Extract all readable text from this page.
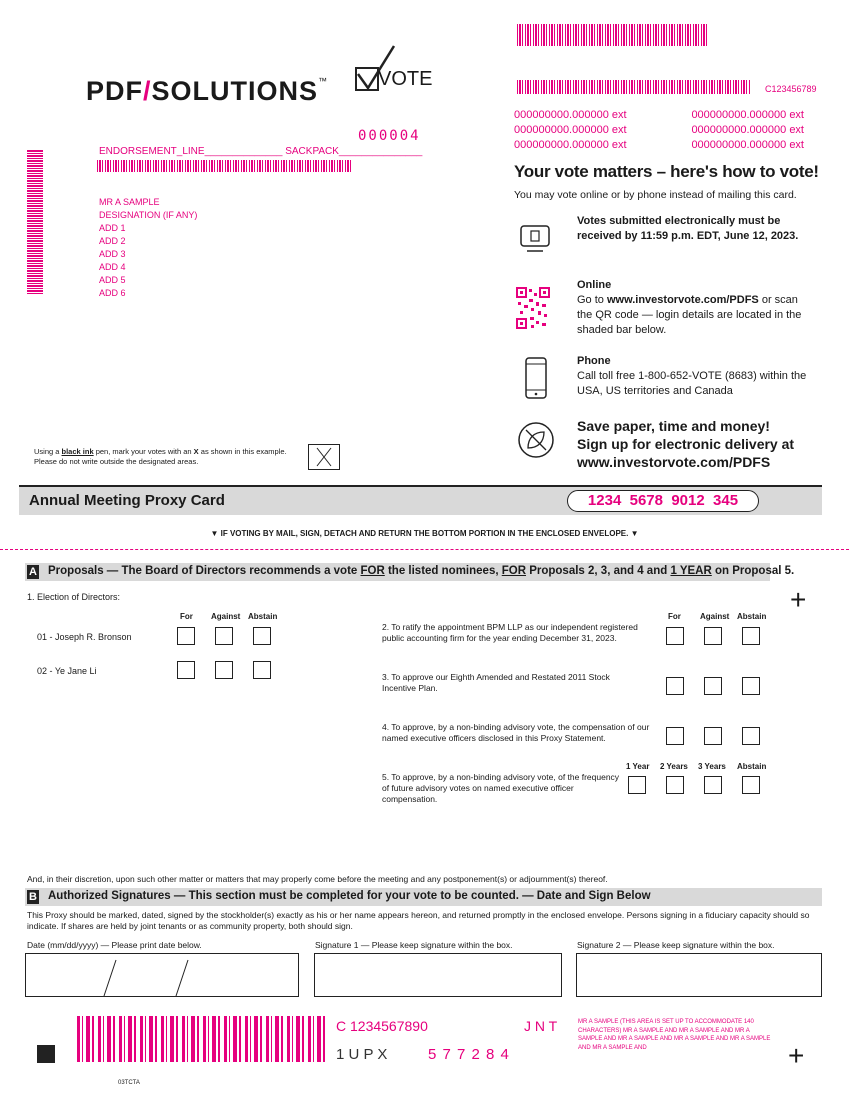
PDF/SOLUTIONS™ VOTE
000004
ENDORSEMENT_LINE______________ SACKPACK_______________
MR A SAMPLE
DESIGNATION (IF ANY)
ADD 1
ADD 2
ADD 3
ADD 4
ADD 5
ADD 6
Using a black ink pen, mark your votes with an X as shown in this example.
Please do not write outside the designated areas.
C123456789
000000000.000000 ext	000000000.000000 ext
000000000.000000 ext	000000000.000000 ext
000000000.000000 ext	000000000.000000 ext
Your vote matters – here's how to vote!
You may vote online or by phone instead of mailing this card.
Votes submitted electronically must be received by 11:59 p.m. EDT, June 12, 2023.
Online
Go to www.investorvote.com/PDFS or scan the QR code — login details are located in the shaded bar below.
Phone
Call toll free 1-800-652-VOTE (8683) within the USA, US territories and Canada
Save paper, time and money!
Sign up for electronic delivery at
www.investorvote.com/PDFS
Annual Meeting Proxy Card	1234  5678  9012  345
▼ IF VOTING BY MAIL, SIGN, DETACH AND RETURN THE BOTTOM PORTION IN THE ENCLOSED ENVELOPE. ▼
A Proposals — The Board of Directors recommends a vote FOR the listed nominees, FOR Proposals 2, 3, and 4 and 1 YEAR on Proposal 5.
+
1. Election of Directors:
For Against Abstain
01 - Joseph R. Bronson
02 - Ye Jane Li
For Against Abstain
2. To ratify the appointment BPM LLP as our independent registered public accounting firm for the year ending December 31, 2023.
3. To approve our Eighth Amended and Restated 2011 Stock Incentive Plan.
4. To approve, by a non-binding advisory vote, the compensation of our named executive officers disclosed in this Proxy Statement.
1 Year 2 Years 3 Years Abstain
5. To approve, by a non-binding advisory vote, of the frequency of future advisory votes on named executive officer compensation.
And, in their discretion, upon such other matter or matters that may properly come before the meeting and any postponement(s) or adjournment(s) thereof.
B Authorized Signatures — This section must be completed for your vote to be counted. — Date and Sign Below
This Proxy should be marked, dated, signed by the stockholder(s) exactly as his or her name appears hereon, and returned promptly in the enclosed envelope. Persons signing in a fiduciary capacity should so indicate. If shares are held by joint tenants or as community property, both should sign.
Date (mm/dd/yyyy) — Please print date below.	Signature 1 — Please keep signature within the box.	Signature 2 — Please keep signature within the box.
C 1234567890	J N T
1 U P X	5 7 7 2 8 4
MR A SAMPLE (THIS AREA IS SET UP TO ACCOMMODATE 140 CHARACTERS) MR A SAMPLE AND MR A SAMPLE AND MR A SAMPLE AND MR A SAMPLE AND MR A SAMPLE AND MR A SAMPLE AND MR A SAMPLE AND	+
03TCTA
